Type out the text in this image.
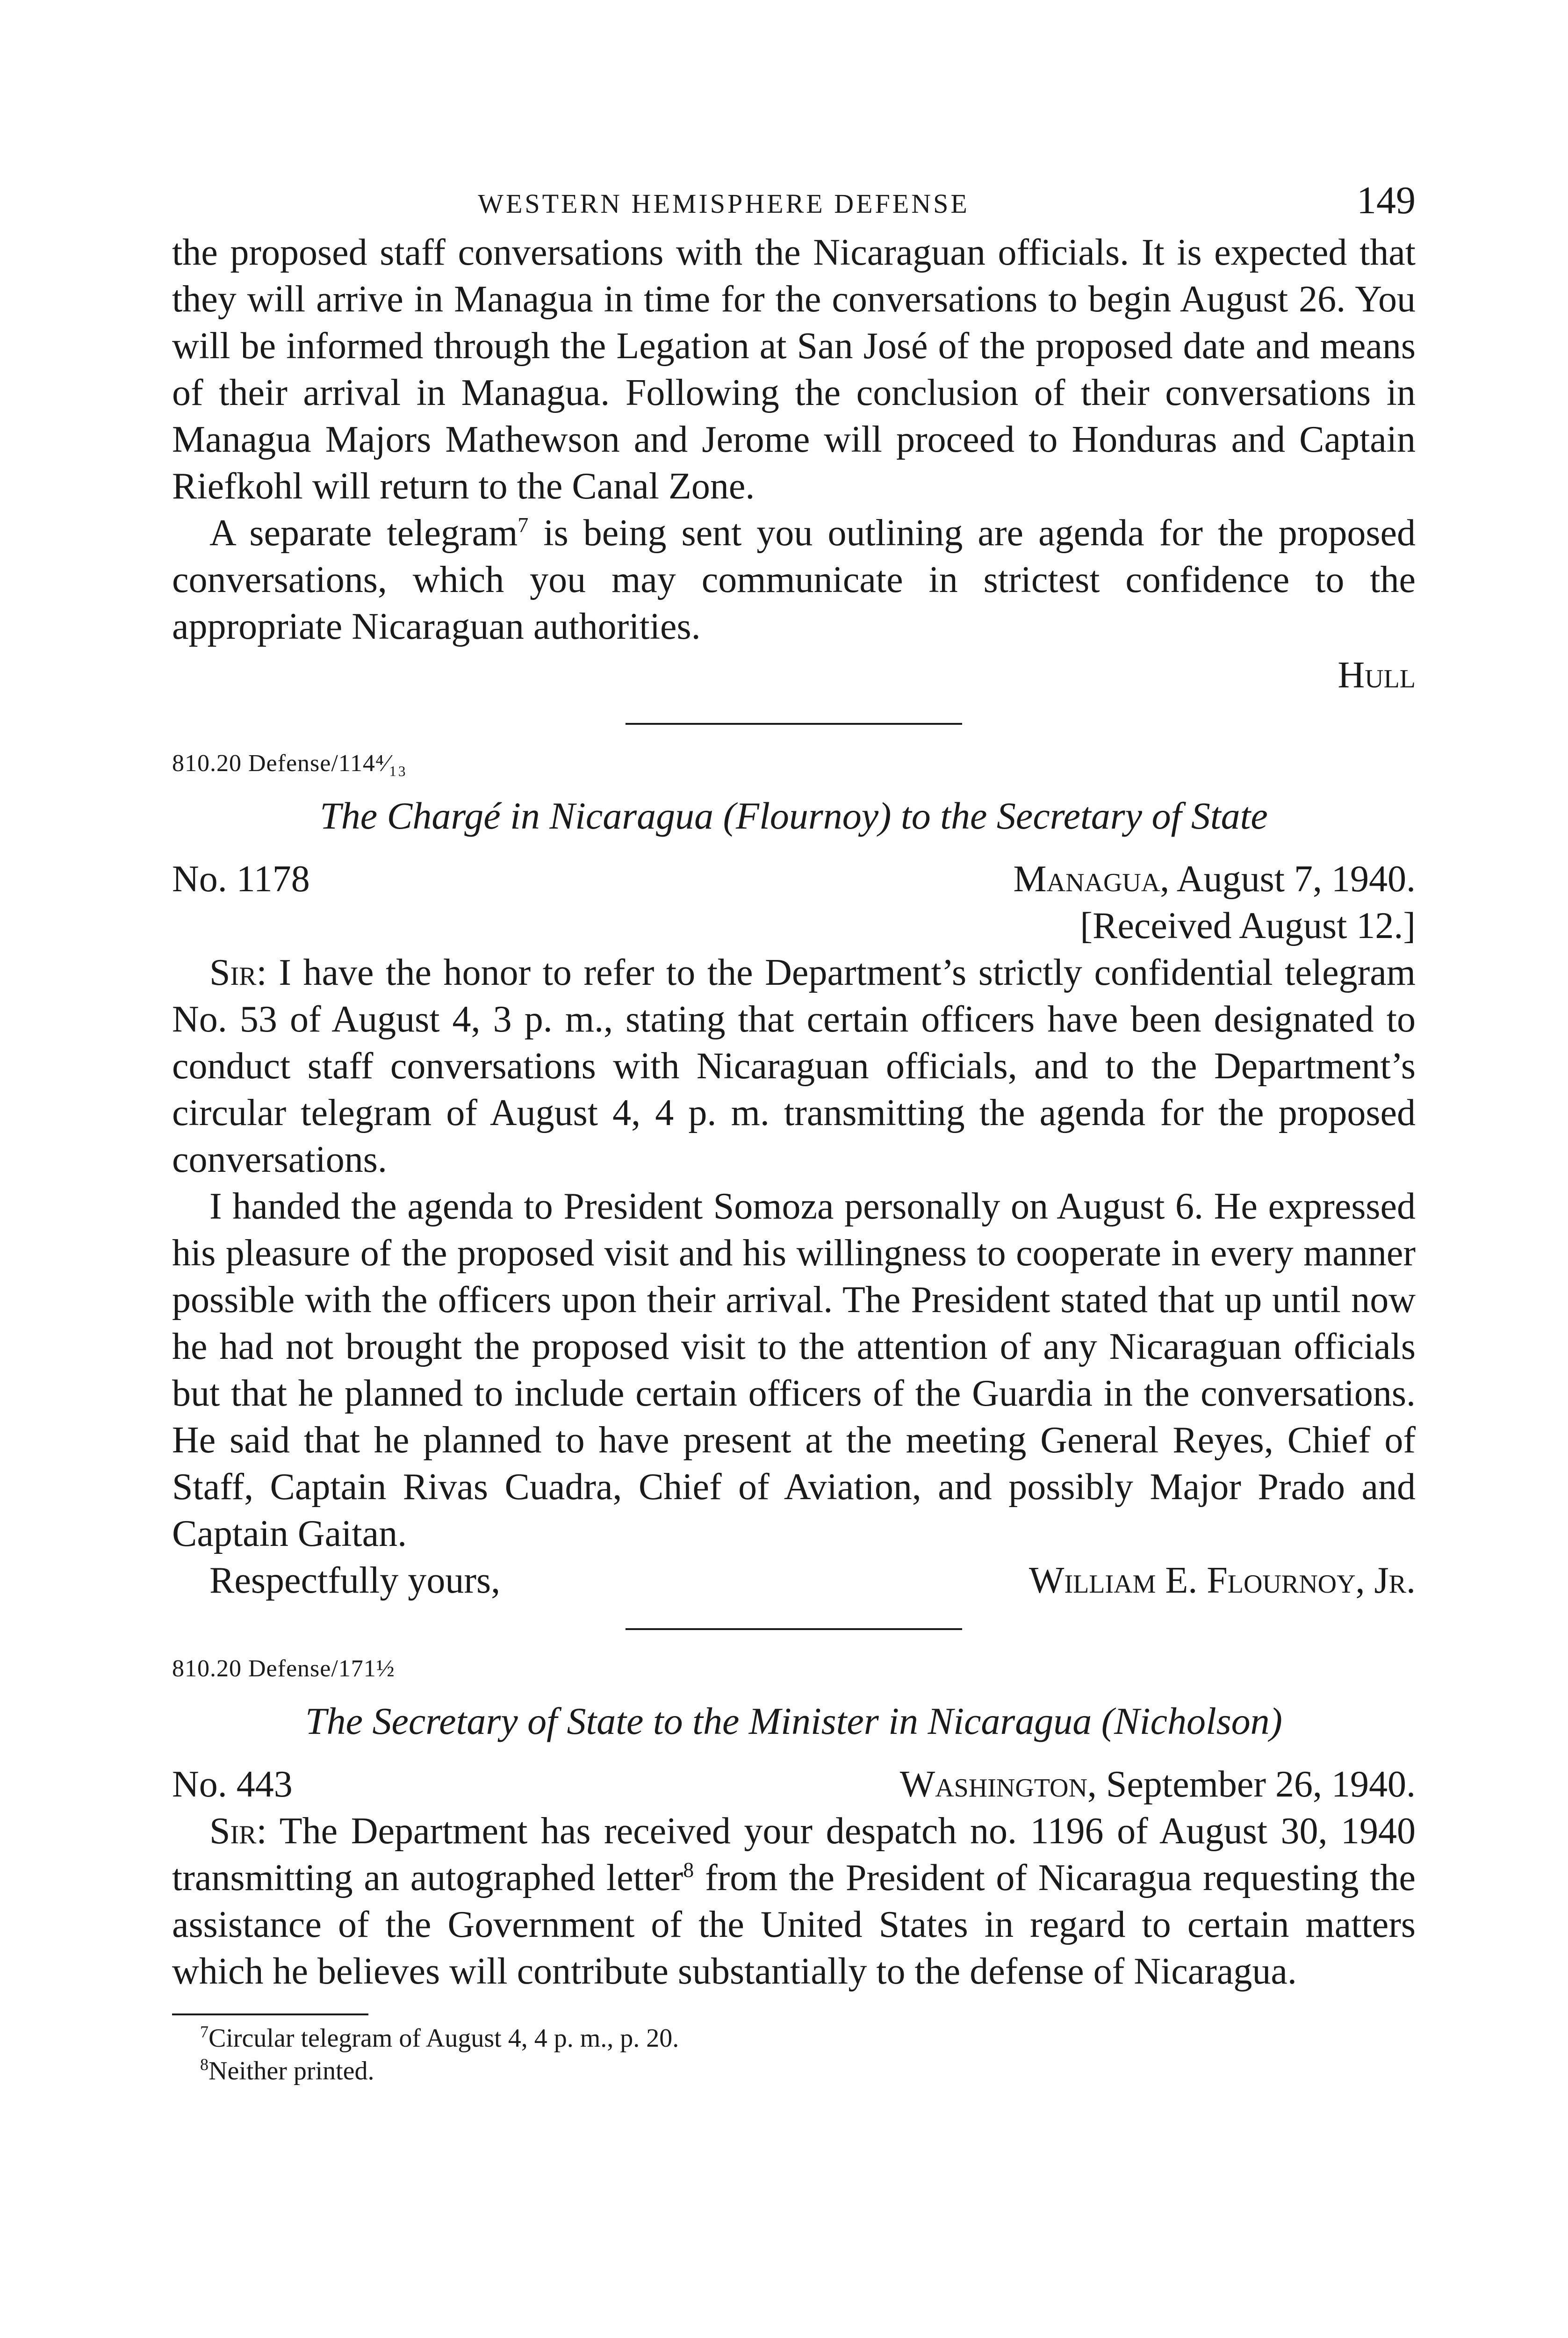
WESTERN HEMISPHERE DEFENSE	149

the proposed staff conversations with the Nicaraguan officials. It is expected that they will arrive in Managua in time for the conversations to begin August 26. You will be informed through the Legation at San José of the proposed date and means of their arrival in Managua. Following the conclusion of their conversations in Managua Majors Mathewson and Jerome will proceed to Honduras and Captain Riefkohl will return to the Canal Zone.

A separate telegram$^7$ is being sent you outlining are agenda for the proposed conversations, which you may communicate in strictest confidence to the appropriate Nicaraguan authorities.

Hull
810.20 Defense/114⁴⁄₁₃
The Chargé in Nicaragua (Flournoy) to the Secretary of State
No. 1178	Managua, August 7, 1940.
[Received August 12.]

Sir: I have the honor to refer to the Department’s strictly confidential telegram No. 53 of August 4, 3 p. m., stating that certain officers have been designated to conduct staff conversations with Nicaraguan officials, and to the Department’s circular telegram of August 4, 4 p. m. transmitting the agenda for the proposed conversations.

I handed the agenda to President Somoza personally on August 6. He expressed his pleasure of the proposed visit and his willingness to cooperate in every manner possible with the officers upon their arrival. The President stated that up until now he had not brought the proposed visit to the attention of any Nicaraguan officials but that he planned to include certain officers of the Guardia in the conversations. He said that he planned to have present at the meeting General Reyes, Chief of Staff, Captain Rivas Cuadra, Chief of Aviation, and possibly Major Prado and Captain Gaitan.

Respectfully yours,	William E. Flournoy, Jr.
810.20 Defense/171½
The Secretary of State to the Minister in Nicaragua (Nicholson)
No. 443	Washington, September 26, 1940.

Sir: The Department has received your despatch no. 1196 of August 30, 1940 transmitting an autographed letter$^8$ from the President of Nicaragua requesting the assistance of the Government of the United States in regard to certain matters which he believes will contribute substantially to the defense of Nicaragua.

$^7$Circular telegram of August 4, 4 p. m., p. 20.
$^8$Neither printed.
